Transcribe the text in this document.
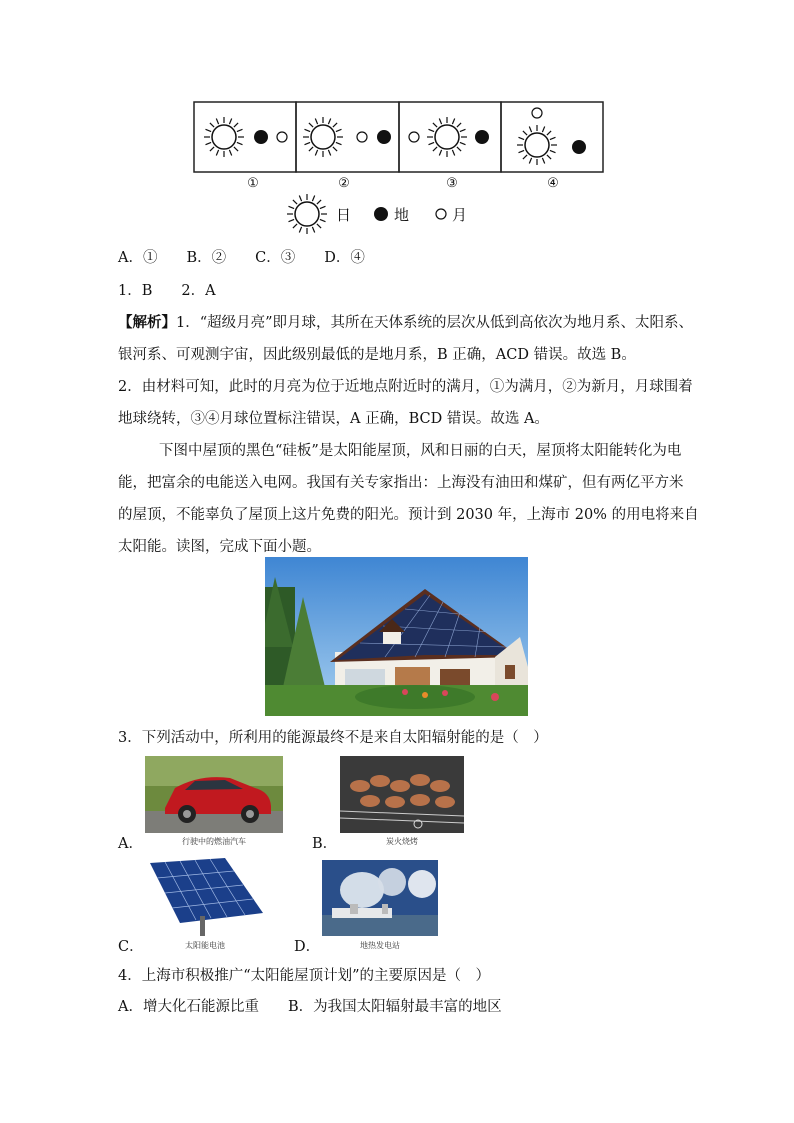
①	②	③	④
日	地	月
A．①　　B．②　　C．③　　D．④
1．B　　2．A
【解析】1．“超级月亮”即月球，其所在天体系统的层次从低到高依次为地月系、太阳系、
银河系、可观测宇宙，因此级别最低的是地月系，B 正确，ACD 错误。故选 B。
2．由材料可知，此时的月亮为位于近地点附近时的满月，①为满月，②为新月，月球围着
地球绕转，③④月球位置标注错误，A 正确，BCD 错误。故选 A。
下图中屋顶的黑色“硅板”是太阳能屋顶，风和日丽的白天，屋顶将太阳能转化为电
能，把富余的电能送入电网。我国有关专家指出：上海没有油田和煤矿，但有两亿平方米
的屋顶，不能辜负了屋顶上这片免费的阳光。预计到 2030 年，上海市 20% 的用电将来自
太阳能。读图，完成下面小题。
3．下列活动中，所利用的能源最终不是来自太阳辐射能的是（　）
行驶中的燃油汽车
A．	炭火烧烤
B．
太阳能电池
C．	地热发电站
D．
4．上海市积极推广“太阳能屋顶计划”的主要原因是（　）
A．增大化石能源比重　　B．为我国太阳辐射最丰富的地区
